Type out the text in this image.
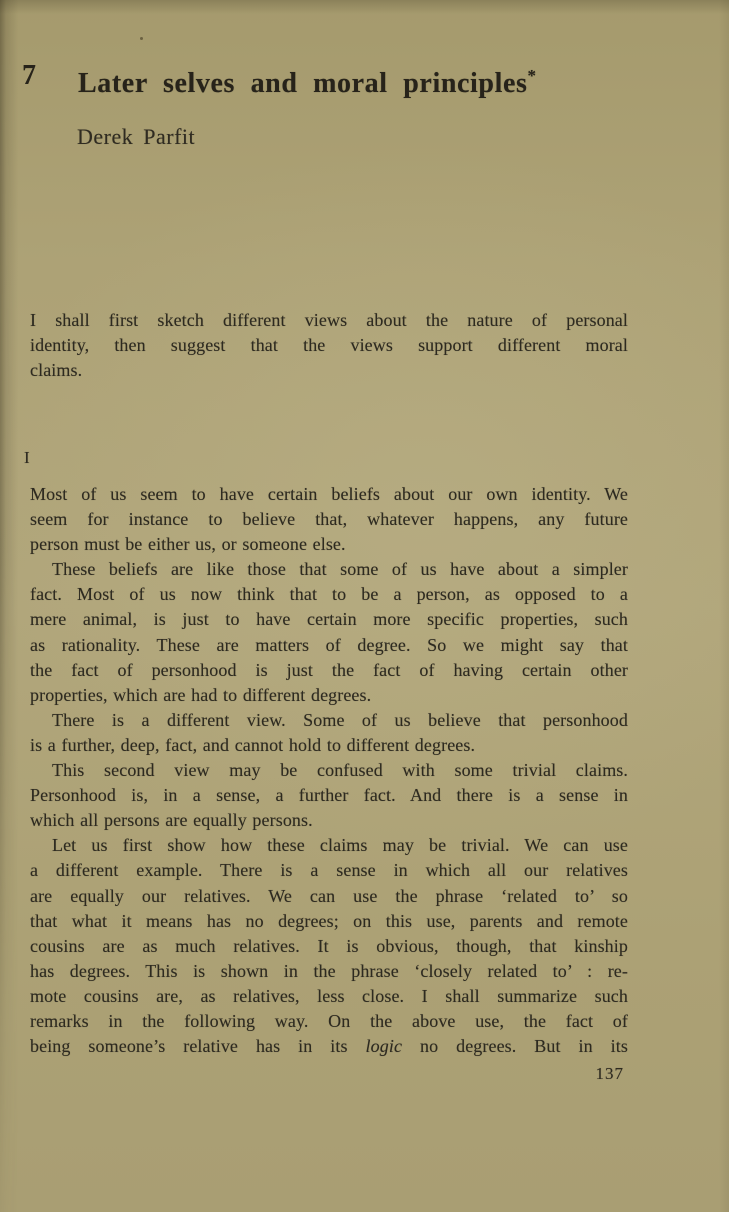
7 Later selves and moral principles*
Derek Parfit
I shall first sketch different views about the nature of personal
identity, then suggest that the views support different moral
claims.
I
Most of us seem to have certain beliefs about our own identity. We
seem for instance to believe that, whatever happens, any future
person must be either us, or someone else.
These beliefs are like those that some of us have about a simpler
fact. Most of us now think that to be a person, as opposed to a
mere animal, is just to have certain more specific properties, such
as rationality. These are matters of degree. So we might say that
the fact of personhood is just the fact of having certain other
properties, which are had to different degrees.
There is a different view. Some of us believe that personhood
is a further, deep, fact, and cannot hold to different degrees.
This second view may be confused with some trivial claims.
Personhood is, in a sense, a further fact. And there is a sense in
which all persons are equally persons.
Let us first show how these claims may be trivial. We can use
a different example. There is a sense in which all our relatives
are equally our relatives. We can use the phrase ‘related to’ so
that what it means has no degrees; on this use, parents and remote
cousins are as much relatives. It is obvious, though, that kinship
has degrees. This is shown in the phrase ‘closely related to’ : re-
mote cousins are, as relatives, less close. I shall summarize such
remarks in the following way. On the above use, the fact of
being someone’s relative has in its logic no degrees. But in its
137
